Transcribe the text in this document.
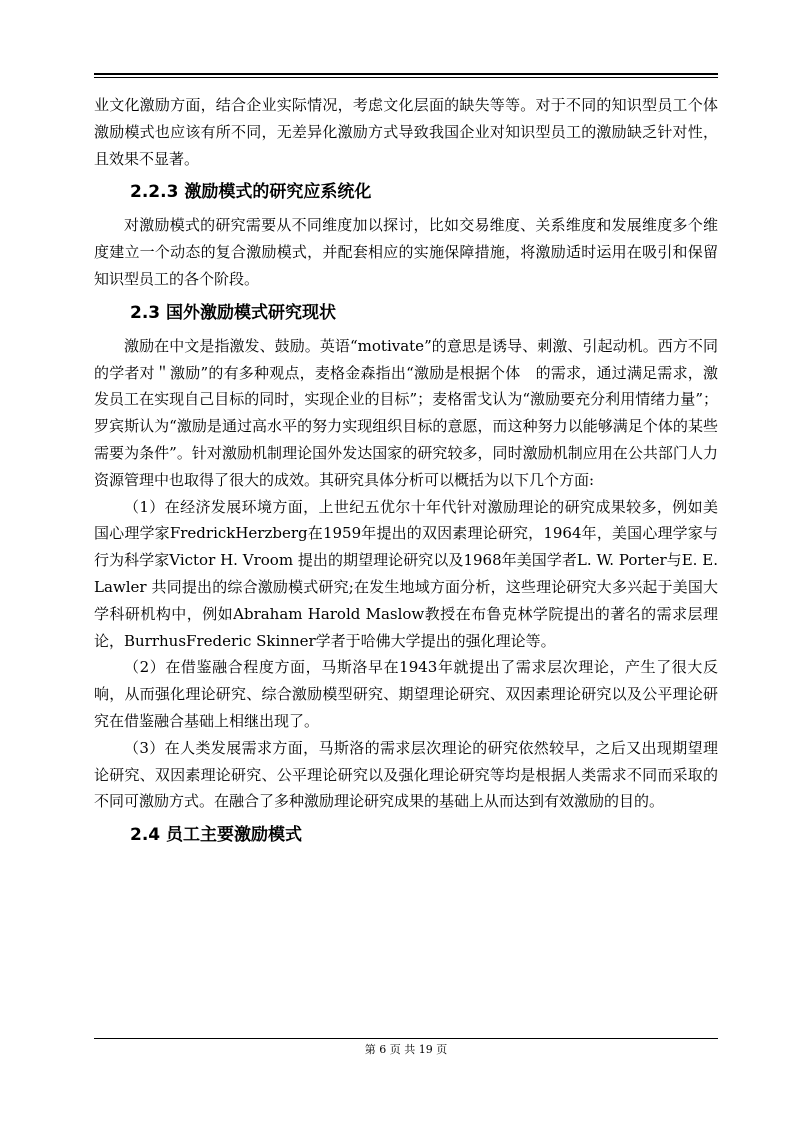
业文化激励方面，结合企业实际情况，考虑文化层面的缺失等等。对于不同的知识型员工个体激励模式也应该有所不同，无差异化激励方式导致我国企业对知识型员工的激励缺乏针对性，且效果不显著。

2.2.3 激励模式的研究应系统化

对激励模式的研究需要从不同维度加以探讨，比如交易维度、关系维度和发展维度多个维度建立一个动态的复合激励模式，并配套相应的实施保障措施，将激励适时运用在吸引和保留知识型员工的各个阶段。

2.3 国外激励模式研究现状

激励在中文是指激发、鼓励。英语“motivate”的意思是诱导、刺激、引起动机。西方不同的学者对＂激励”的有多种观点，麦格金森指出“激励是根据个体　的需求，通过满足需求，激发员工在实现自己目标的同时，实现企业的目标”；麦格雷戈认为“激励要充分利用情绪力量”；罗宾斯认为“激励是通过高水平的努力实现组织目标的意愿，而这种努力以能够满足个体的某些需要为条件”。针对激励机制理论国外发达国家的研究较多，同时激励机制应用在公共部门人力资源管理中也取得了很大的成效。其研究具体分析可以概括为以下几个方面:

（1）在经济发展环境方面，上世纪五优尔十年代针对激励理论的研究成果较多，例如美国心理学家FredrickHerzberg在1959年提出的双因素理论研究，1964年，美国心理学家与行为科学家Victor H. Vroom 提出的期望理论研究以及1968年美国学者L. W. Porter与E. E. Lawler 共同提出的综合激励模式研究;在发生地域方面分析，这些理论研究大多兴起于美国大学科研机构中，例如Abraham Harold Maslow教授在布鲁克林学院提出的著名的需求层理论，BurrhusFrederic Skinner学者于哈佛大学提出的强化理论等。

（2）在借鉴融合程度方面，马斯洛早在1943年就提出了需求层次理论，产生了很大反响，从而强化理论研究、综合激励模型研究、期望理论研究、双因素理论研究以及公平理论研究在借鉴融合基础上相继出现了。

（3）在人类发展需求方面，马斯洛的需求层次理论的研究依然较早，之后又出现期望理论研究、双因素理论研究、公平理论研究以及强化理论研究等均是根据人类需求不同而采取的不同可激励方式。在融合了多种激励理论研究成果的基础上从而达到有效激励的目的。

2.4 员工主要激励模式
第 6 页 共 19 页
